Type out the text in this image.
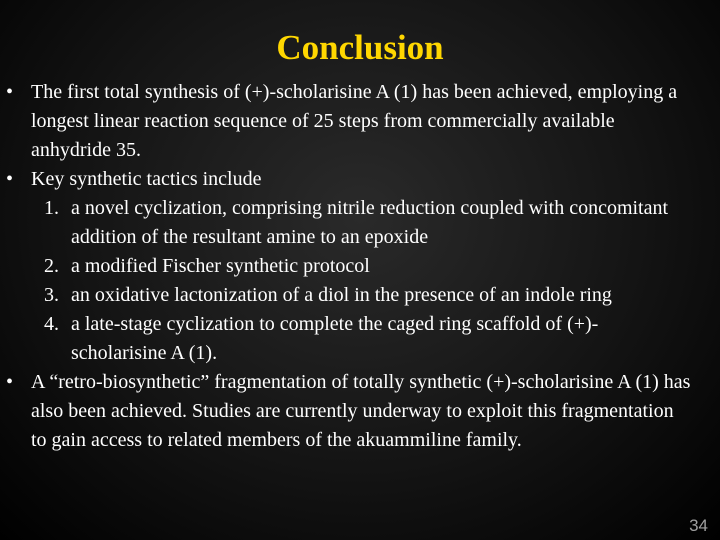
Conclusion
• The first total synthesis of (+)-scholarisine A (1) has been achieved, employing a longest linear reaction sequence of 25 steps from commercially available anhydride 35.
• Key synthetic tactics include
1. a novel cyclization, comprising nitrile reduction coupled with concomitant addition of the resultant amine to an epoxide
2. a modified Fischer synthetic protocol
3. an oxidative lactonization of a diol in the presence of an indole ring
4. a late-stage cyclization to complete the caged ring scaffold of (+)-scholarisine A (1).
• A “retro-biosynthetic” fragmentation of totally synthetic (+)-scholarisine A (1) has also been achieved. Studies are currently underway to exploit this fragmentation to gain access to related members of the akuammiline family.
34
